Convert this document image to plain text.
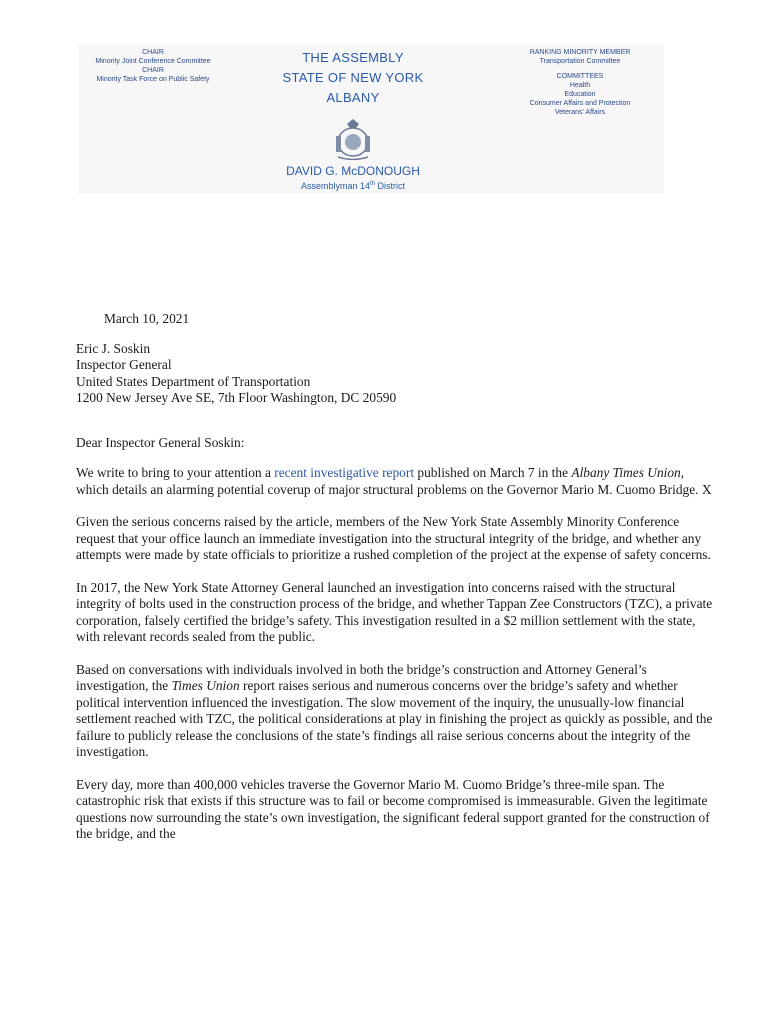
CHAIR
Minority Joint Conference Committee
CHAIR
Minority Task Force on Public Safety
THE ASSEMBLY
STATE OF NEW YORK
ALBANY
DAVID G. McDONOUGH
Assemblyman 14th District
RANKING MINORITY MEMBER
Transportation Committee
COMMITTEES
Health
Education
Consumer Affairs and Protection
Veterans' Affairs
March 10, 2021
Eric J. Soskin
Inspector General
United States Department of Transportation
1200 New Jersey Ave SE, 7th Floor Washington, DC 20590
Dear Inspector General Soskin:

We write to bring to your attention a recent investigative report published on March 7 in the Albany Times Union, which details an alarming potential coverup of major structural problems on the Governor Mario M. Cuomo Bridge. X

Given the serious concerns raised by the article, members of the New York State Assembly Minority Conference request that your office launch an immediate investigation into the structural integrity of the bridge, and whether any attempts were made by state officials to prioritize a rushed completion of the project at the expense of safety concerns.

In 2017, the New York State Attorney General launched an investigation into concerns raised with the structural integrity of bolts used in the construction process of the bridge, and whether Tappan Zee Constructors (TZC), a private corporation, falsely certified the bridge’s safety. This investigation resulted in a $2 million settlement with the state, with relevant records sealed from the public.

Based on conversations with individuals involved in both the bridge’s construction and Attorney General’s investigation, the Times Union report raises serious and numerous concerns over the bridge’s safety and whether political intervention influenced the investigation. The slow movement of the inquiry, the unusually-low financial settlement reached with TZC, the political considerations at play in finishing the project as quickly as possible, and the failure to publicly release the conclusions of the state’s findings all raise serious concerns about the integrity of the investigation.

Every day, more than 400,000 vehicles traverse the Governor Mario M. Cuomo Bridge’s three-mile span. The catastrophic risk that exists if this structure was to fail or become compromised is immeasurable. Given the legitimate questions now surrounding the state’s own investigation, the significant federal support granted for the construction of the bridge, and the
